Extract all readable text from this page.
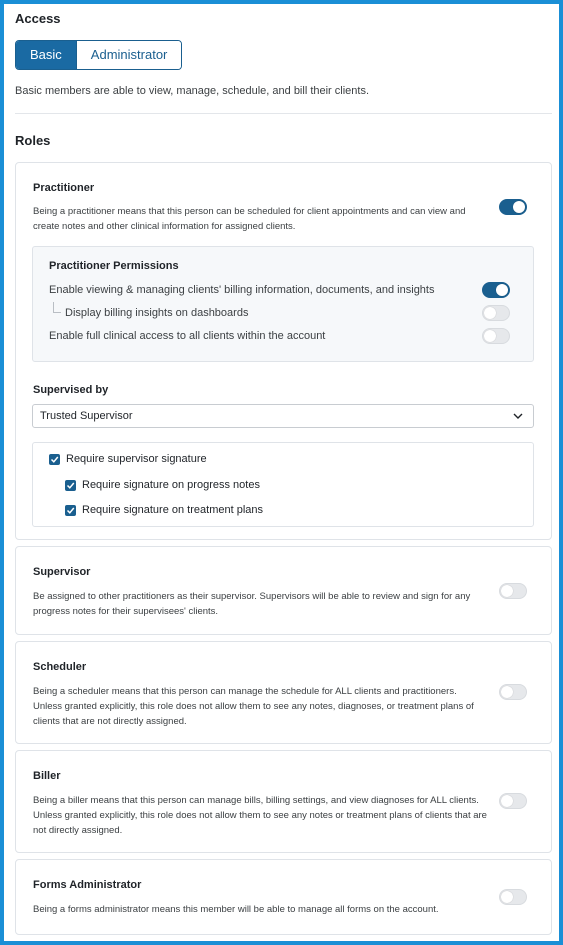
Access
Basic	Administrator
Basic members are able to view, manage, schedule, and bill their clients.
Roles
Practitioner
Being a practitioner means that this person can be scheduled for client appointments and can view and create notes and other clinical information for assigned clients.
Practitioner Permissions
Enable viewing & managing clients' billing information, documents, and insights
Display billing insights on dashboards
Enable full clinical access to all clients within the account
Supervised by
Trusted Supervisor
Require supervisor signature
Require signature on progress notes
Require signature on treatment plans
Supervisor
Be assigned to other practitioners as their supervisor. Supervisors will be able to review and sign for any progress notes for their supervisees' clients.
Scheduler
Being a scheduler means that this person can manage the schedule for ALL clients and practitioners. Unless granted explicitly, this role does not allow them to see any notes, diagnoses, or treatment plans of clients that are not directly assigned.
Biller
Being a biller means that this person can manage bills, billing settings, and view diagnoses for ALL clients. Unless granted explicitly, this role does not allow them to see any notes or treatment plans of clients that are not directly assigned.
Forms Administrator
Being a forms administrator means this member will be able to manage all forms on the account.
